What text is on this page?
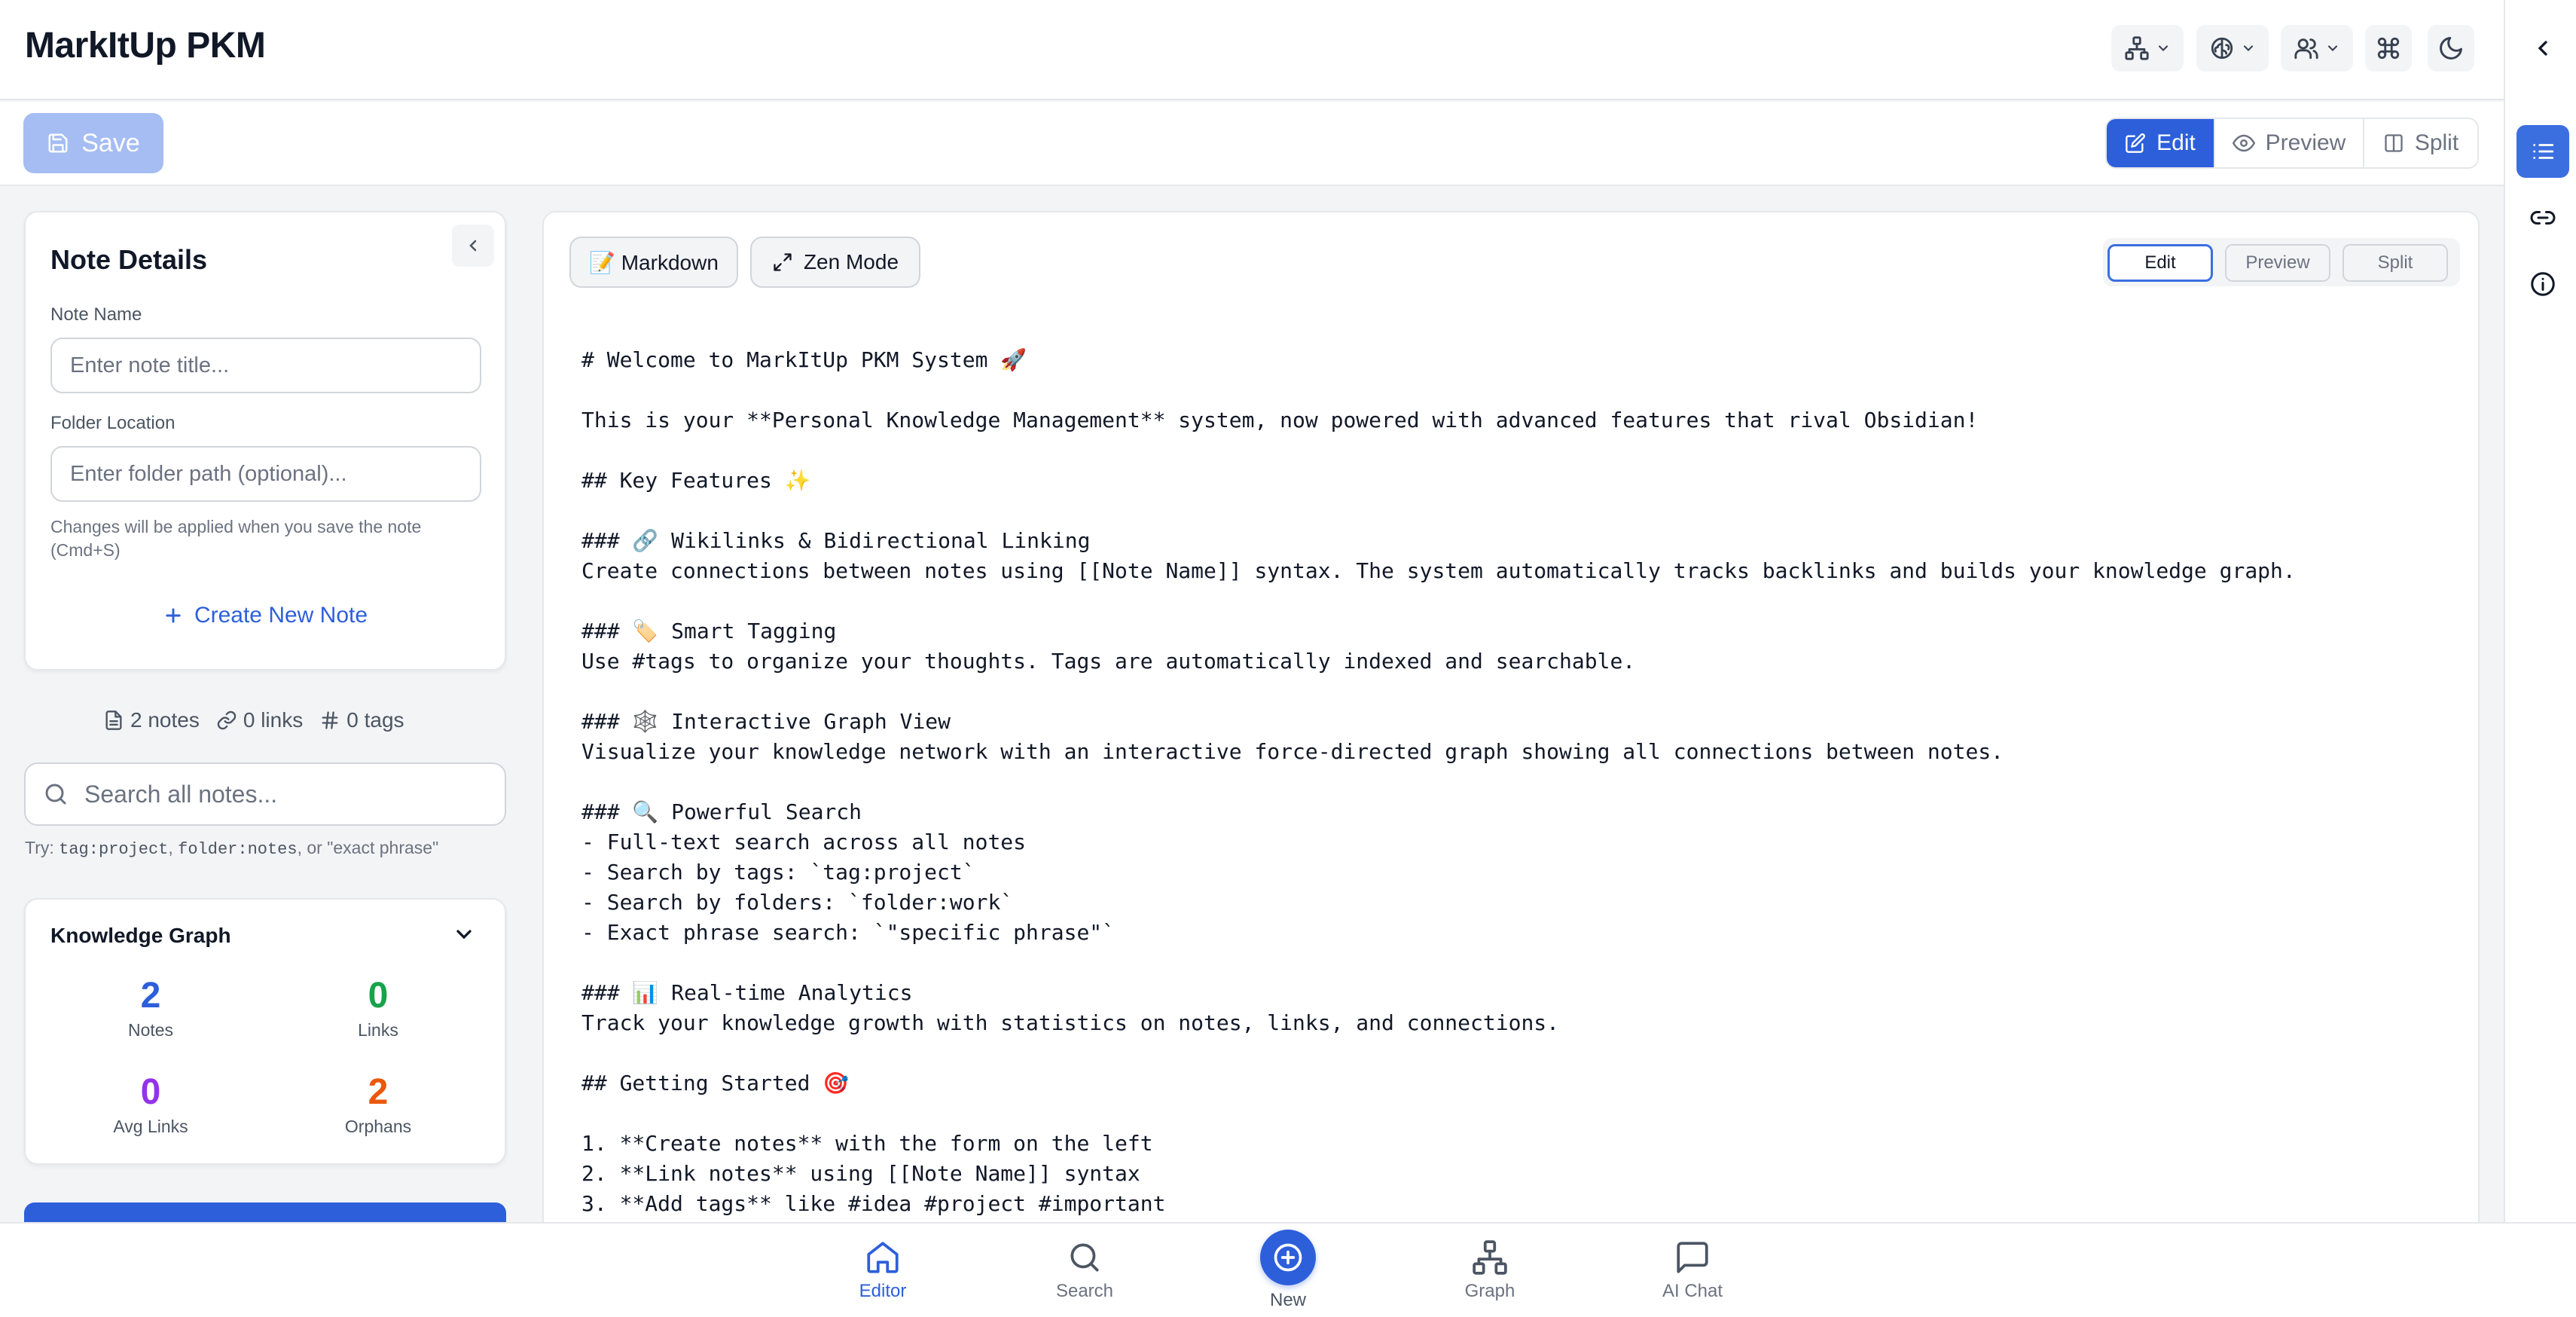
MarkItUp PKM
Save	Edit	Preview	Split
Note Details
Note Name
Enter note title...
Folder Location
Enter folder path (optional)...
Changes will be applied when you save the note (Cmd+S)
Create New Note
2 notes 0 links 0 tags
Search all notes...
Try: tag:project, folder:notes, or "exact phrase"
Knowledge Graph
2
Notes
0
Links
0
Avg Links
2
Orphans
📝 Markdown	Zen Mode	Edit	Preview	Split
# Welcome to MarkItUp PKM System 🚀

This is your **Personal Knowledge Management** system, now powered with advanced features that rival Obsidian!

## Key Features ✨

### 🔗 Wikilinks & Bidirectional Linking
Create connections between notes using [[Note Name]] syntax. The system automatically tracks backlinks and builds your knowledge graph.

### 🏷️ Smart Tagging
Use #tags to organize your thoughts. Tags are automatically indexed and searchable.

### 🕸️ Interactive Graph View
Visualize your knowledge network with an interactive force-directed graph showing all connections between notes.

### 🔍 Powerful Search
- Full-text search across all notes
- Search by tags: `tag:project`
- Search by folders: `folder:work`
- Exact phrase search: `"specific phrase"`

### 📊 Real-time Analytics
Track your knowledge growth with statistics on notes, links, and connections.

## Getting Started 🎯

1. **Create notes** with the form on the left
2. **Link notes** using [[Note Name]] syntax
3. **Add tags** like #idea #project #important
Editor	Search	New	Graph	AI Chat
